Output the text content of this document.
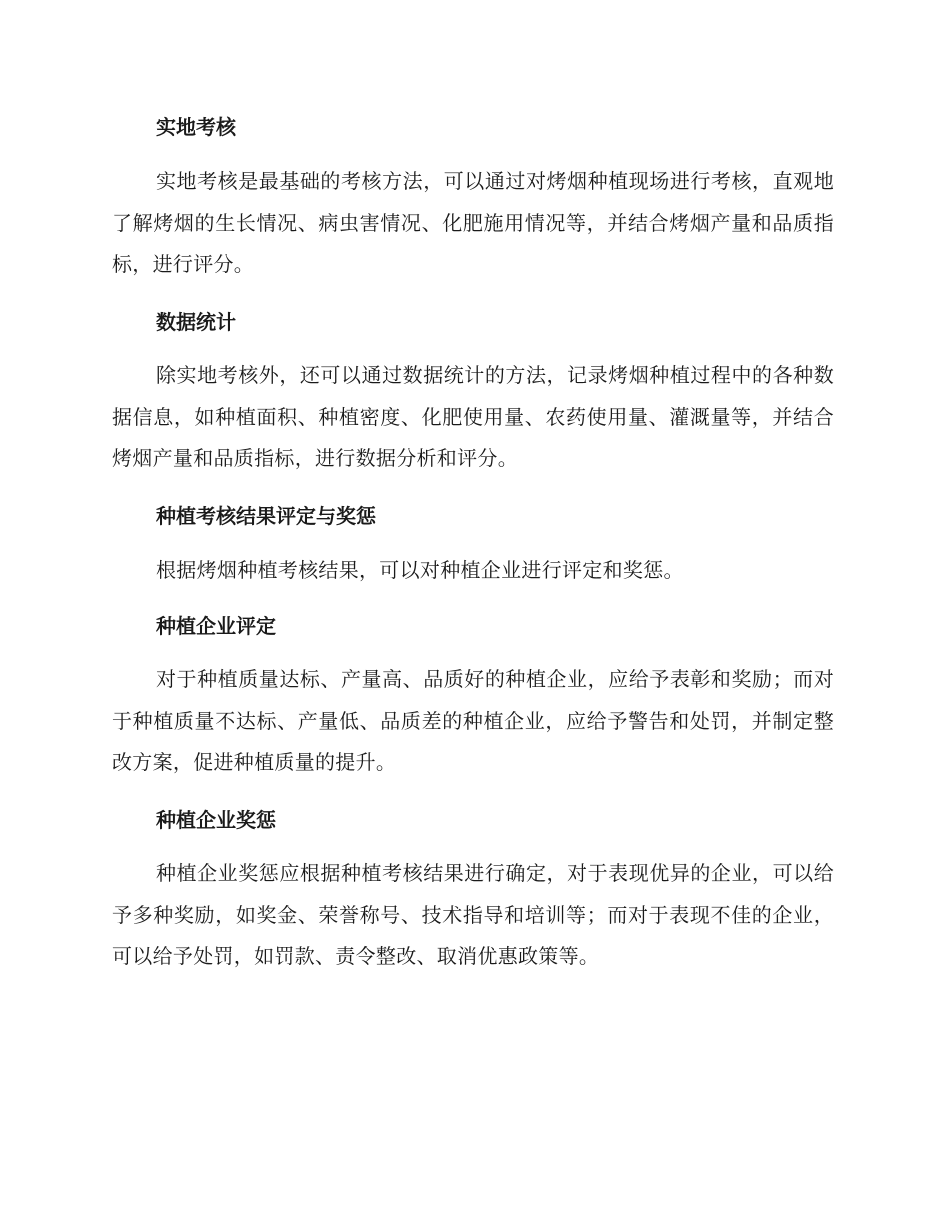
实地考核
实地考核是最基础的考核方法，可以通过对烤烟种植现场进行考核，直观地了解烤烟的生长情况、病虫害情况、化肥施用情况等，并结合烤烟产量和品质指标，进行评分。
数据统计
除实地考核外，还可以通过数据统计的方法，记录烤烟种植过程中的各种数据信息，如种植面积、种植密度、化肥使用量、农药使用量、灌溉量等，并结合烤烟产量和品质指标，进行数据分析和评分。
种植考核结果评定与奖惩
根据烤烟种植考核结果，可以对种植企业进行评定和奖惩。
种植企业评定
对于种植质量达标、产量高、品质好的种植企业，应给予表彰和奖励；而对于种植质量不达标、产量低、品质差的种植企业，应给予警告和处罚，并制定整改方案，促进种植质量的提升。
种植企业奖惩
种植企业奖惩应根据种植考核结果进行确定，对于表现优异的企业，可以给予多种奖励，如奖金、荣誉称号、技术指导和培训等；而对于表现不佳的企业，可以给予处罚，如罚款、责令整改、取消优惠政策等。
